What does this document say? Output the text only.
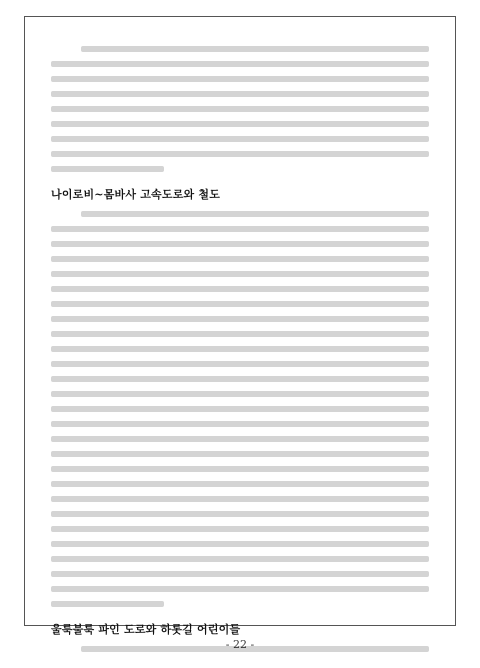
나이로비~몸바사 고속도로와 철도
울룩불룩 파인 도로와 하롯길 어린이들
- 22 -
